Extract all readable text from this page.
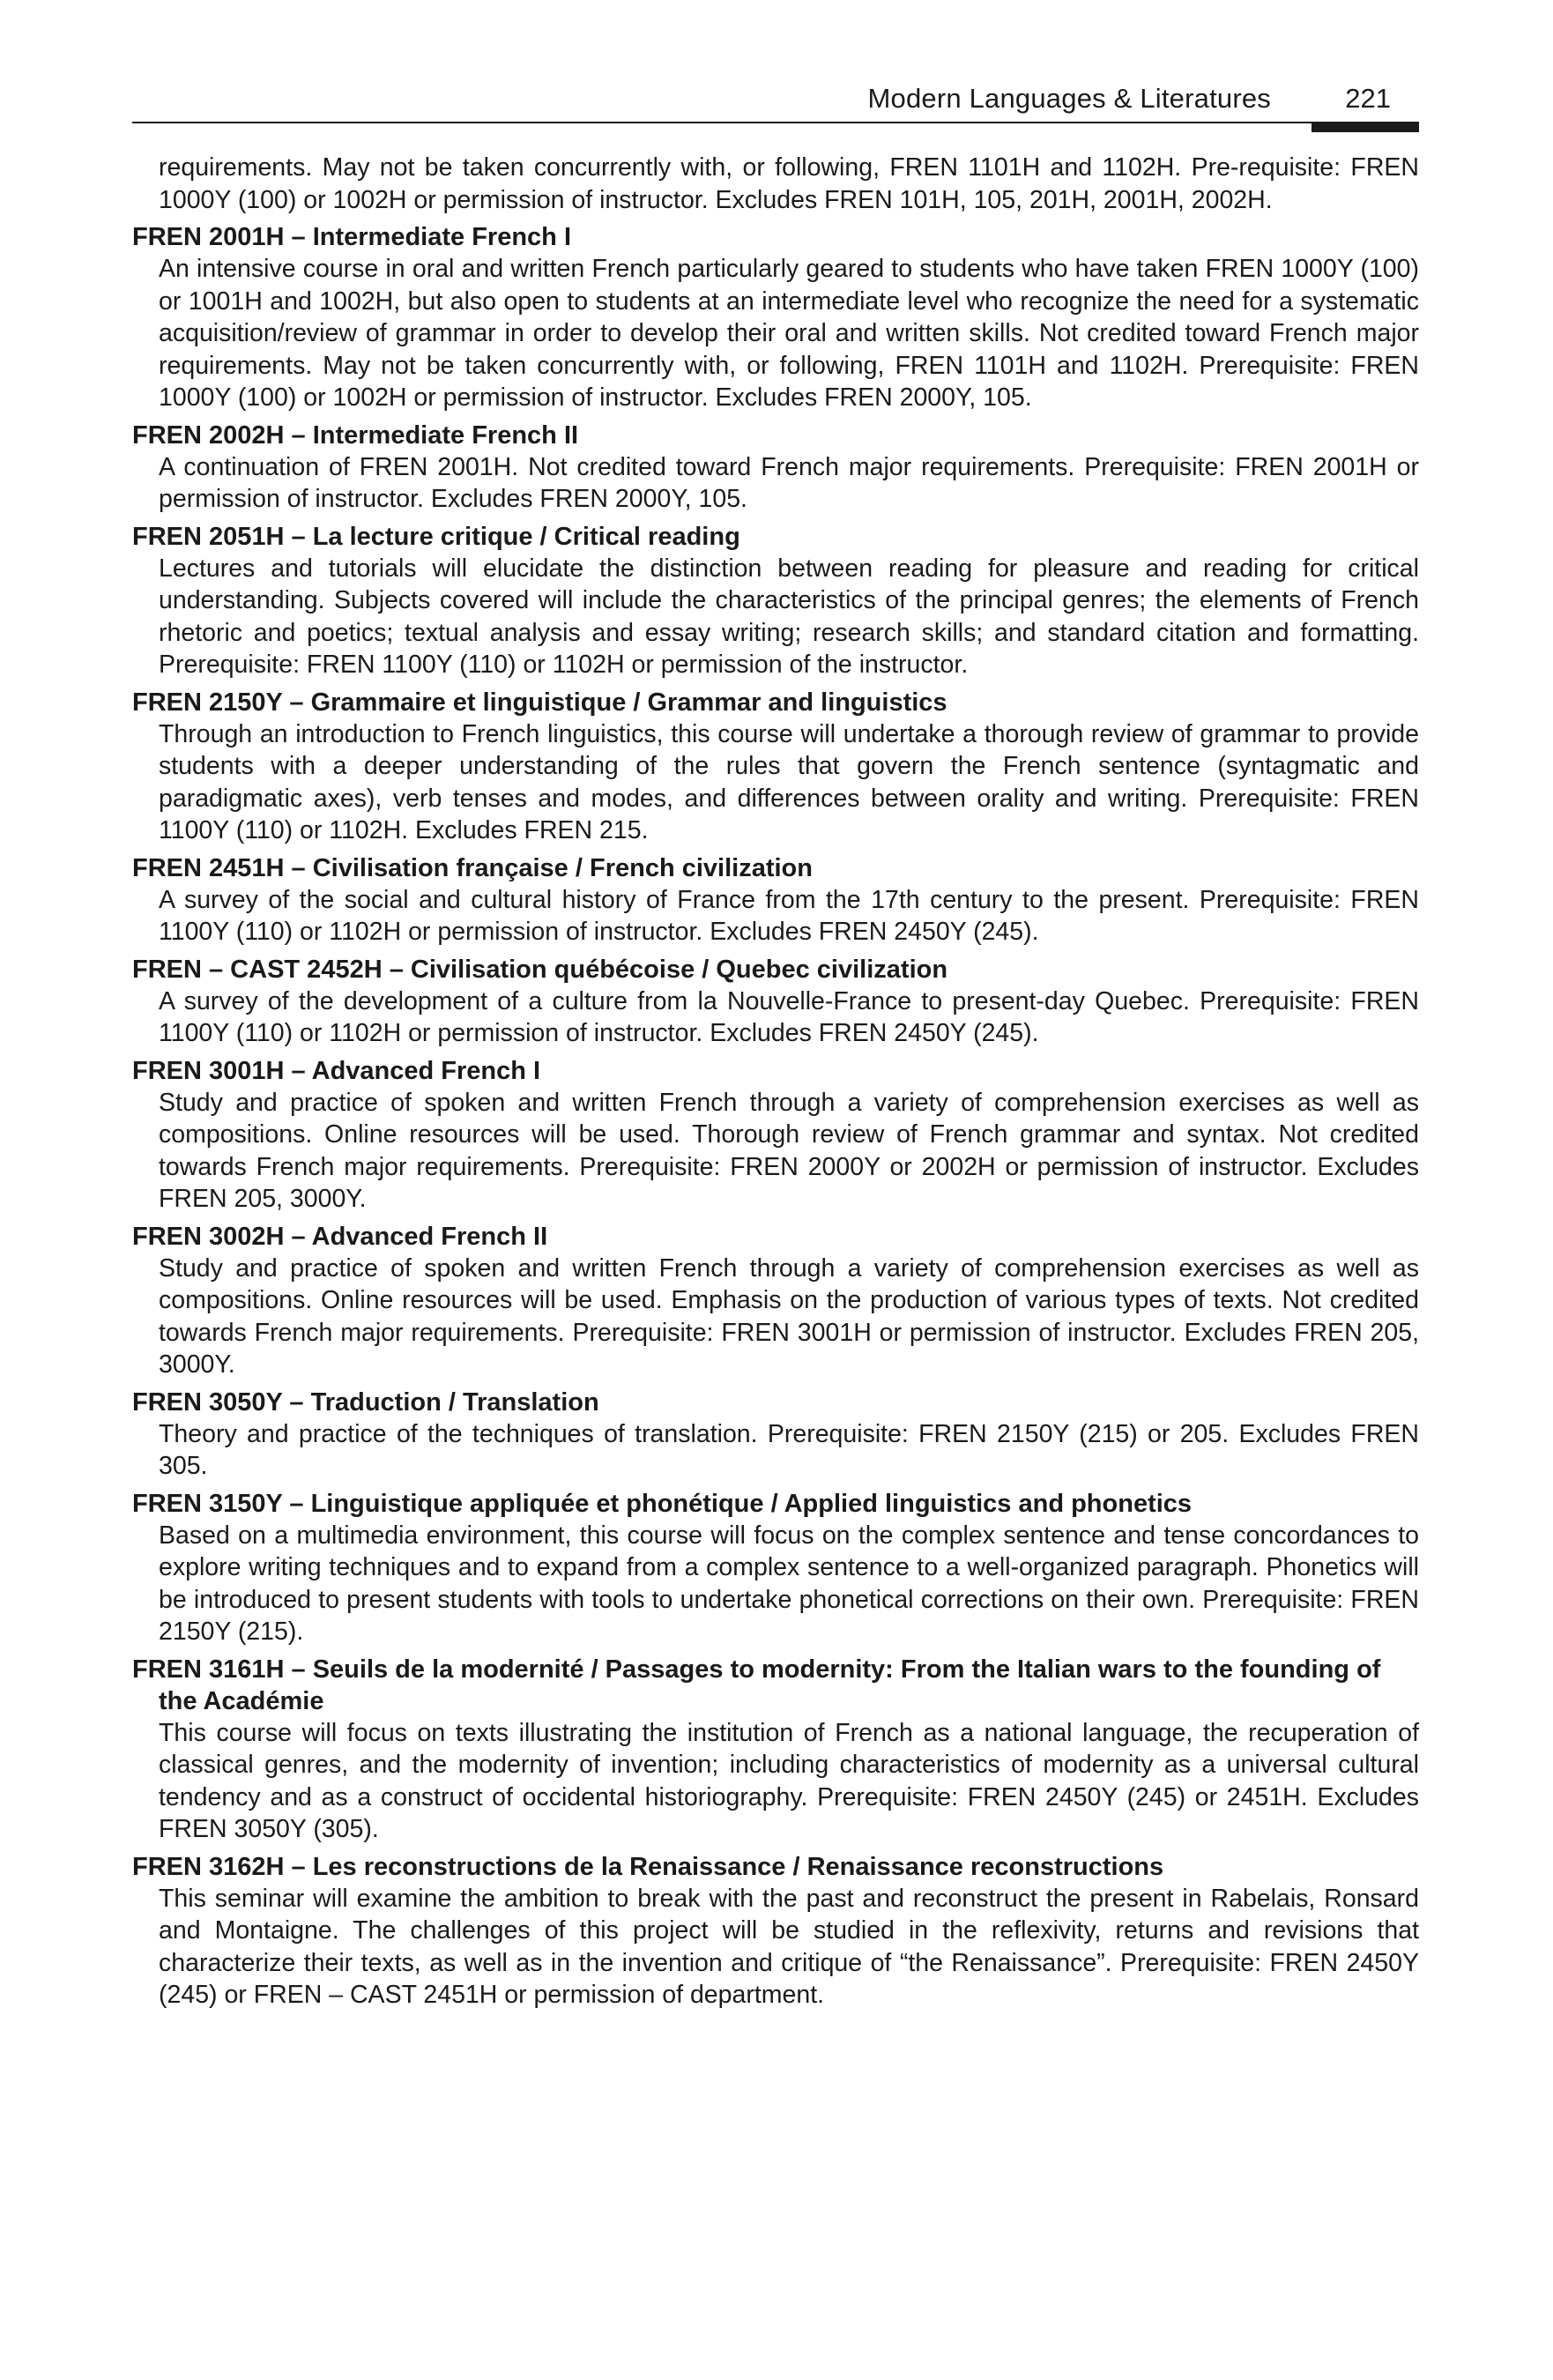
Modern Languages & Literatures	221
requirements. May not be taken concurrently with, or following, FREN 1101H and 1102H. Pre-requisite: FREN 1000Y (100) or 1002H or permission of instructor. Excludes FREN 101H, 105, 201H, 2001H, 2002H.
FREN 2001H – Intermediate French I
An intensive course in oral and written French particularly geared to students who have taken FREN 1000Y (100) or 1001H and 1002H, but also open to students at an intermediate level who recognize the need for a systematic acquisition/review of grammar in order to develop their oral and written skills. Not credited toward French major requirements. May not be taken concurrently with, or following, FREN 1101H and 1102H. Prerequisite: FREN 1000Y (100) or 1002H or permission of instructor. Excludes FREN 2000Y, 105.
FREN 2002H – Intermediate French II
A continuation of FREN 2001H. Not credited toward French major requirements. Prerequisite: FREN 2001H or permission of instructor. Excludes FREN 2000Y, 105.
FREN 2051H – La lecture critique / Critical reading
Lectures and tutorials will elucidate the distinction between reading for pleasure and reading for critical understanding. Subjects covered will include the characteristics of the principal genres; the elements of French rhetoric and poetics; textual analysis and essay writing; research skills; and standard citation and formatting. Prerequisite: FREN 1100Y (110) or 1102H or permission of the instructor.
FREN 2150Y – Grammaire et linguistique / Grammar and linguistics
Through an introduction to French linguistics, this course will undertake a thorough review of grammar to provide students with a deeper understanding of the rules that govern the French sentence (syntagmatic and paradigmatic axes), verb tenses and modes, and differences between orality and writing. Prerequisite: FREN 1100Y (110) or 1102H. Excludes FREN 215.
FREN 2451H – Civilisation française / French civilization
A survey of the social and cultural history of France from the 17th century to the present. Prerequisite: FREN 1100Y (110) or 1102H or permission of instructor. Excludes FREN 2450Y (245).
FREN – CAST 2452H – Civilisation québécoise / Quebec civilization
A survey of the development of a culture from la Nouvelle-France to present-day Quebec. Prerequisite: FREN 1100Y (110) or 1102H or permission of instructor. Excludes FREN 2450Y (245).
FREN 3001H – Advanced French I
Study and practice of spoken and written French through a variety of comprehension exercises as well as compositions. Online resources will be used. Thorough review of French grammar and syntax. Not credited towards French major requirements. Prerequisite: FREN 2000Y or 2002H or permission of instructor. Excludes FREN 205, 3000Y.
FREN 3002H – Advanced French II
Study and practice of spoken and written French through a variety of comprehension exercises as well as compositions. Online resources will be used. Emphasis on the production of various types of texts. Not credited towards French major requirements. Prerequisite: FREN 3001H or permission of instructor. Excludes FREN 205, 3000Y.
FREN 3050Y – Traduction / Translation
Theory and practice of the techniques of translation. Prerequisite: FREN 2150Y (215) or 205. Excludes FREN 305.
FREN 3150Y – Linguistique appliquée et phonétique / Applied linguistics and phonetics
Based on a multimedia environment, this course will focus on the complex sentence and tense concordances to explore writing techniques and to expand from a complex sentence to a well-organized paragraph. Phonetics will be introduced to present students with tools to undertake phonetical corrections on their own. Prerequisite: FREN 2150Y (215).
FREN 3161H – Seuils de la modernité / Passages to modernity: From the Italian wars to the founding of the Académie
This course will focus on texts illustrating the institution of French as a national language, the recuperation of classical genres, and the modernity of invention; including characteristics of modernity as a universal cultural tendency and as a construct of occidental historiography. Prerequisite: FREN 2450Y (245) or 2451H. Excludes FREN 3050Y (305).
FREN 3162H – Les reconstructions de la Renaissance / Renaissance reconstructions
This seminar will examine the ambition to break with the past and reconstruct the present in Rabelais, Ronsard and Montaigne. The challenges of this project will be studied in the reflexivity, returns and revisions that characterize their texts, as well as in the invention and critique of “the Renaissance”. Prerequisite: FREN 2450Y (245) or FREN – CAST 2451H or permission of department.
